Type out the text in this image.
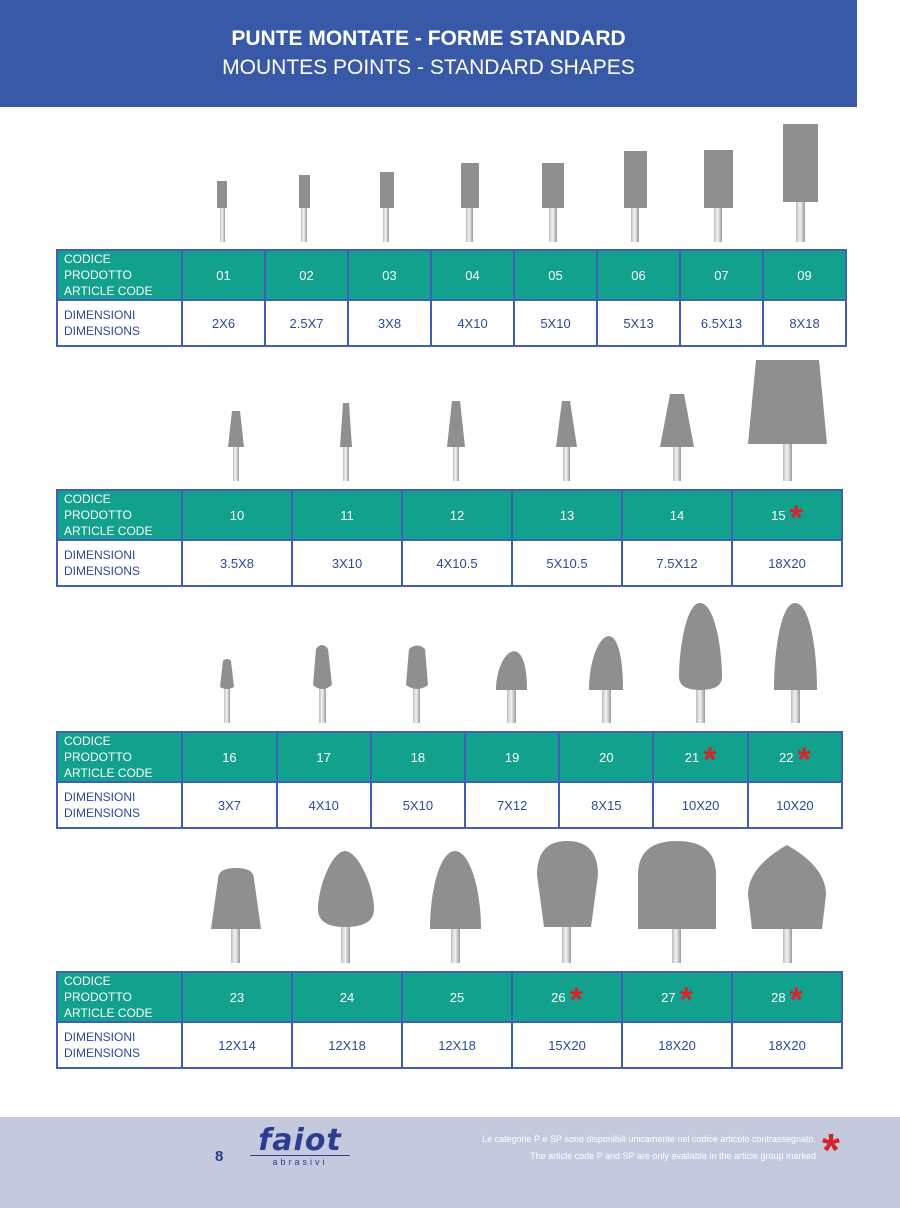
PUNTE MONTATE - FORME STANDARD
MOUNTES POINTS - STANDARD SHAPES
CODICE PRODOTTO
ARTICLE CODE	01	02	03	04	05	06	07	09
DIMENSIONI
DIMENSIONS	2X6	2.5X7	3X8	4X10	5X10	5X13	6.5X13	8X18
CODICE PRODOTTO
ARTICLE CODE	10	11	12	13	14	15 *
DIMENSIONI
DIMENSIONS	3.5X8	3X10	4X10.5	5X10.5	7.5X12	18X20
CODICE PRODOTTO
ARTICLE CODE	16	17	18	19	20	21 *	22 *
DIMENSIONI
DIMENSIONS	3X7	4X10	5X10	7X12	8X15	10X20	10X20
CODICE PRODOTTO
ARTICLE CODE	23	24	25	26 *	27 *	28 *
DIMENSIONI
DIMENSIONS	12X14	12X18	12X18	15X20	18X20	18X20
8 faiot
abrasivi
Le categorie P e SP sono disponibili unicamente nel codice articolo contrassegnato.
The article code P and SP are only available in the article group marked *
